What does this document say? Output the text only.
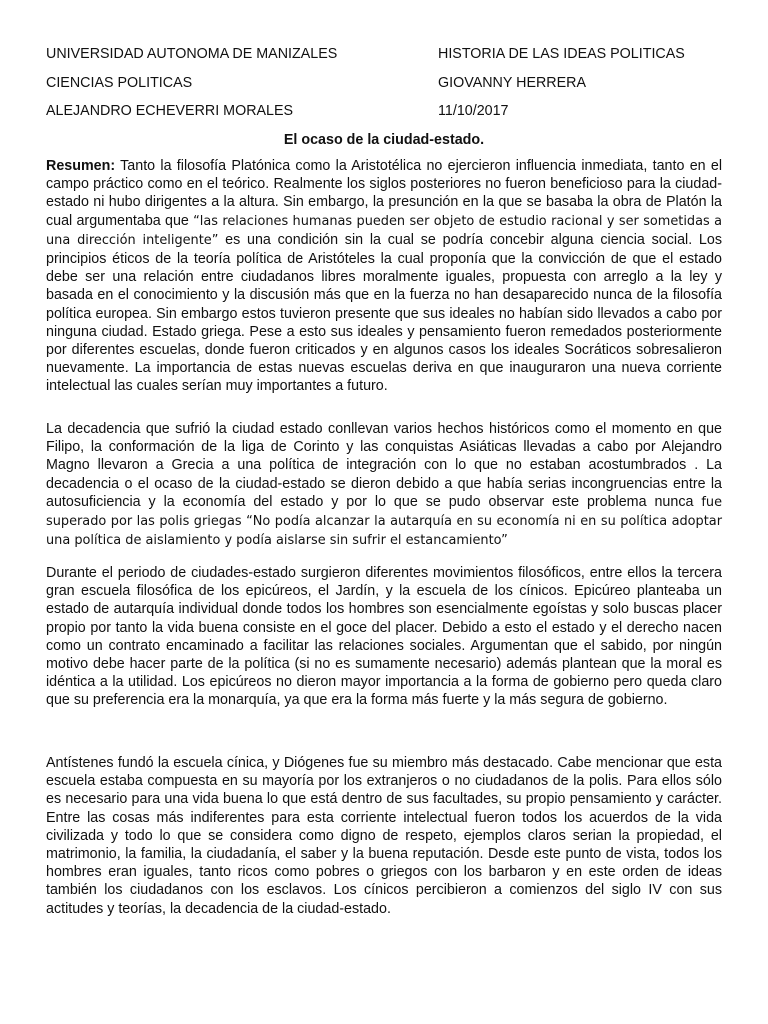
UNIVERSIDAD AUTONOMA DE MANIZALES	HISTORIA DE LAS IDEAS POLITICAS
CIENCIAS POLITICAS	GIOVANNY HERRERA
ALEJANDRO ECHEVERRI MORALES	11/10/2017
El ocaso de la ciudad-estado.

Resumen: Tanto la filosofía Platónica como la Aristotélica no ejercieron influencia inmediata, tanto en el campo práctico como en el teórico. Realmente los siglos posteriores no fueron beneficioso para la ciudad-estado ni hubo dirigentes a la altura. Sin embargo, la presunción en la que se basaba la obra de Platón la cual argumentaba que “las relaciones humanas pueden ser objeto de estudio racional y ser sometidas a una dirección inteligente” es una condición sin la cual se podría concebir alguna ciencia social. Los principios éticos de la teoría política de Aristóteles la cual proponía que la convicción de que el estado debe ser una relación entre ciudadanos libres moralmente iguales, propuesta con arreglo a la ley y basada en el conocimiento y la discusión más que en la fuerza no han desaparecido nunca de la filosofía política europea. Sin embargo estos tuvieron presente que sus ideales no habían sido llevados a cabo por ninguna ciudad. Estado griega. Pese a esto sus ideales y pensamiento fueron remedados posteriormente por diferentes escuelas, donde fueron criticados y en algunos casos los ideales Socráticos sobresalieron nuevamente. La importancia de estas nuevas escuelas deriva en que inauguraron una nueva corriente intelectual las cuales serían muy importantes a futuro.

La decadencia que sufrió la ciudad estado conllevan varios hechos históricos como el momento en que Filipo, la conformación de la liga de Corinto y las conquistas Asiáticas llevadas a cabo por Alejandro Magno llevaron a Grecia a una política de integración con lo que no estaban acostumbrados . La decadencia o el ocaso de la ciudad-estado se dieron debido a que había serias incongruencias entre la autosuficiencia y la economía del estado y por lo que se pudo observar este problema nunca fue superado por las polis griegas “No podía alcanzar la autarquía en su economía ni en su política adoptar una política de aislamiento y podía aislarse sin sufrir el estancamiento”

Durante el periodo de ciudades-estado surgieron diferentes movimientos filosóficos, entre ellos la tercera gran escuela filosófica de los epicúreos, el Jardín, y la escuela de los cínicos. Epicúreo planteaba un estado de autarquía individual donde todos los hombres son esencialmente egoístas y solo buscas placer propio por tanto la vida buena consiste en el goce del placer. Debido a esto el estado y el derecho nacen como un contrato encaminado a facilitar las relaciones sociales. Argumentan que el sabido, por ningún motivo debe hacer parte de la política (si no es sumamente necesario) además plantean que la moral es idéntica a la utilidad. Los epicúreos no dieron mayor importancia a la forma de gobierno pero queda claro que su preferencia era la monarquía, ya que era la forma más fuerte y la más segura de gobierno.

Antístenes fundó la escuela cínica, y Diógenes fue su miembro más destacado. Cabe mencionar que esta escuela estaba compuesta en su mayoría por los extranjeros o no ciudadanos de la polis. Para ellos sólo es necesario para una vida buena lo que está dentro de sus facultades, su propio pensamiento y carácter. Entre las cosas más indiferentes para esta corriente intelectual fueron todos los acuerdos de la vida civilizada y todo lo que se considera como digno de respeto, ejemplos claros serian la propiedad, el matrimonio, la familia, la ciudadanía, el saber y la buena reputación. Desde este punto de vista, todos los hombres eran iguales, tanto ricos como pobres o griegos con los barbaron y en este orden de ideas también los ciudadanos con los esclavos. Los cínicos percibieron a comienzos del siglo IV con sus actitudes y teorías, la decadencia de la ciudad-estado.
